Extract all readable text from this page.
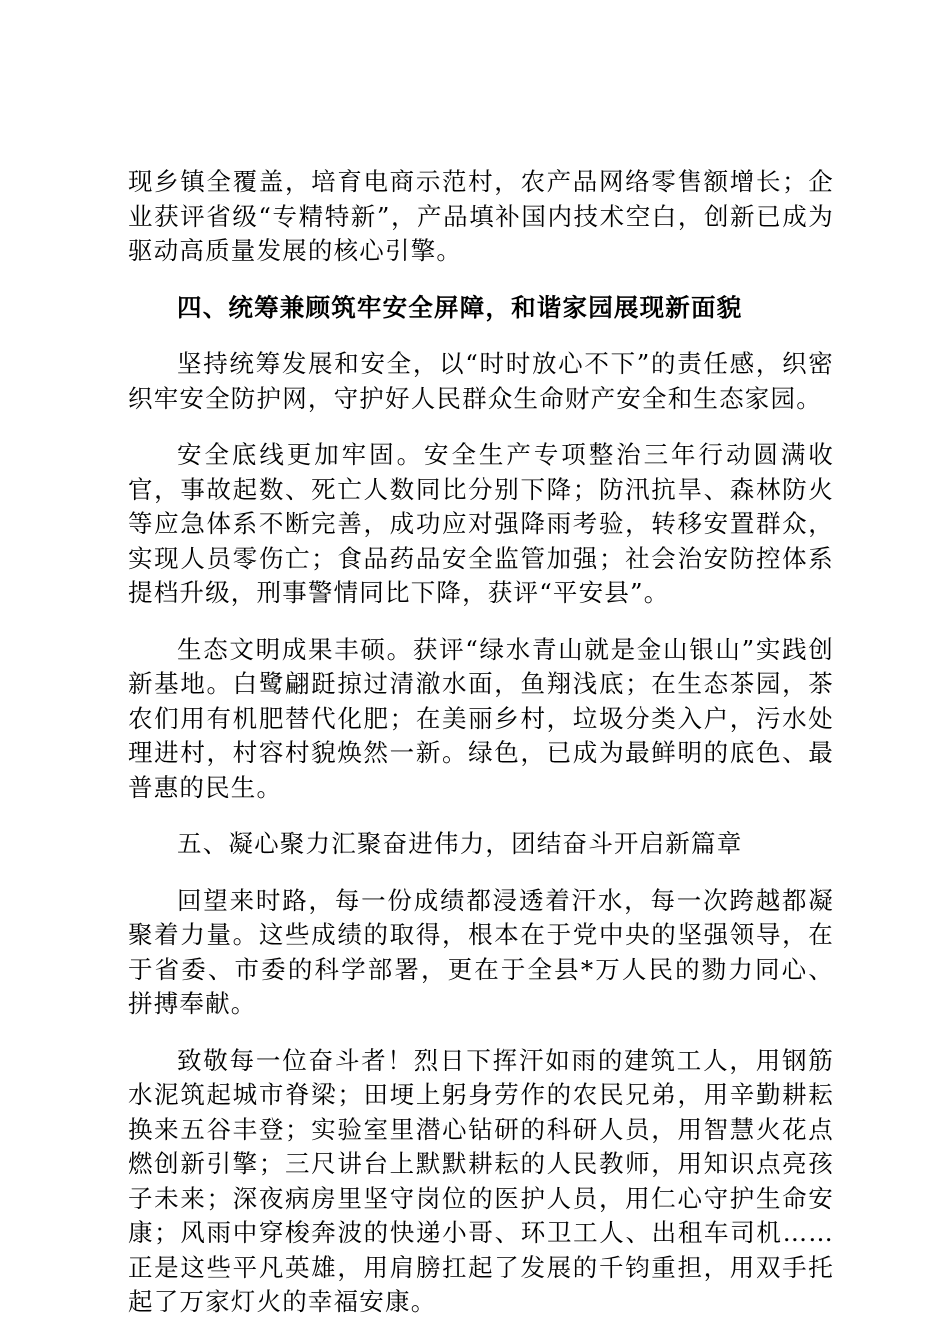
现乡镇全覆盖，培育电商示范村，农产品网络零售额增长；企业获评省级“专精特新”，产品填补国内技术空白，创新已成为驱动高质量发展的核心引擎。

四、统筹兼顾筑牢安全屏障，和谐家园展现新面貌

坚持统筹发展和安全，以“时时放心不下”的责任感，织密织牢安全防护网，守护好人民群众生命财产安全和生态家园。

安全底线更加牢固。安全生产专项整治三年行动圆满收官，事故起数、死亡人数同比分别下降；防汛抗旱、森林防火等应急体系不断完善，成功应对强降雨考验，转移安置群众，实现人员零伤亡；食品药品安全监管加强；社会治安防控体系提档升级，刑事警情同比下降，获评“平安县”。

生态文明成果丰硕。获评“绿水青山就是金山银山”实践创新基地。白鹭翩跹掠过清澈水面，鱼翔浅底；在生态茶园，茶农们用有机肥替代化肥；在美丽乡村，垃圾分类入户，污水处理进村，村容村貌焕然一新。绿色，已成为最鲜明的底色、最普惠的民生。

五、凝心聚力汇聚奋进伟力，团结奋斗开启新篇章

回望来时路，每一份成绩都浸透着汗水，每一次跨越都凝聚着力量。这些成绩的取得，根本在于党中央的坚强领导，在于省委、市委的科学部署，更在于全县*万人民的勠力同心、拼搏奉献。

致敬每一位奋斗者！烈日下挥汗如雨的建筑工人，用钢筋水泥筑起城市脊梁；田埂上躬身劳作的农民兄弟，用辛勤耕耘换来五谷丰登；实验室里潜心钻研的科研人员，用智慧火花点燃创新引擎；三尺讲台上默默耕耘的人民教师，用知识点亮孩子未来；深夜病房里坚守岗位的医护人员，用仁心守护生命安康；风雨中穿梭奔波的快递小哥、环卫工人、出租车司机……正是这些平凡英雄，用肩膀扛起了发展的千钧重担，用双手托起了万家灯火的幸福安康。
